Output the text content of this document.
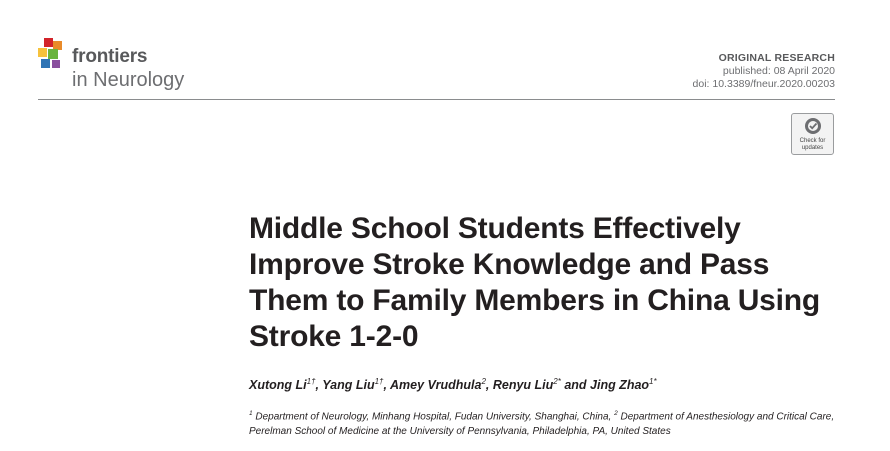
frontiers
in Neurology
ORIGINAL RESEARCH
published: 08 April 2020
doi: 10.3389/fneur.2020.00203
Check for
updates
Middle School Students Effectively Improve Stroke Knowledge and Pass Them to Family Members in China Using Stroke 1-2-0
Xutong $Li^{1\dagger}$, Yang Liu$^{1\dagger}$, Amey Vrudhula$^2$, Renyu Liu$^{2*}$ and Jing Zhao$^{1*}$
$^1$ Department of Neurology, Minhang Hospital, Fudan University, Shanghai, China, $^2$ Department of Anesthesiology and Critical Care, Perelman School of Medicine at the University of Pennsylvania, Philadelphia, PA, United States
